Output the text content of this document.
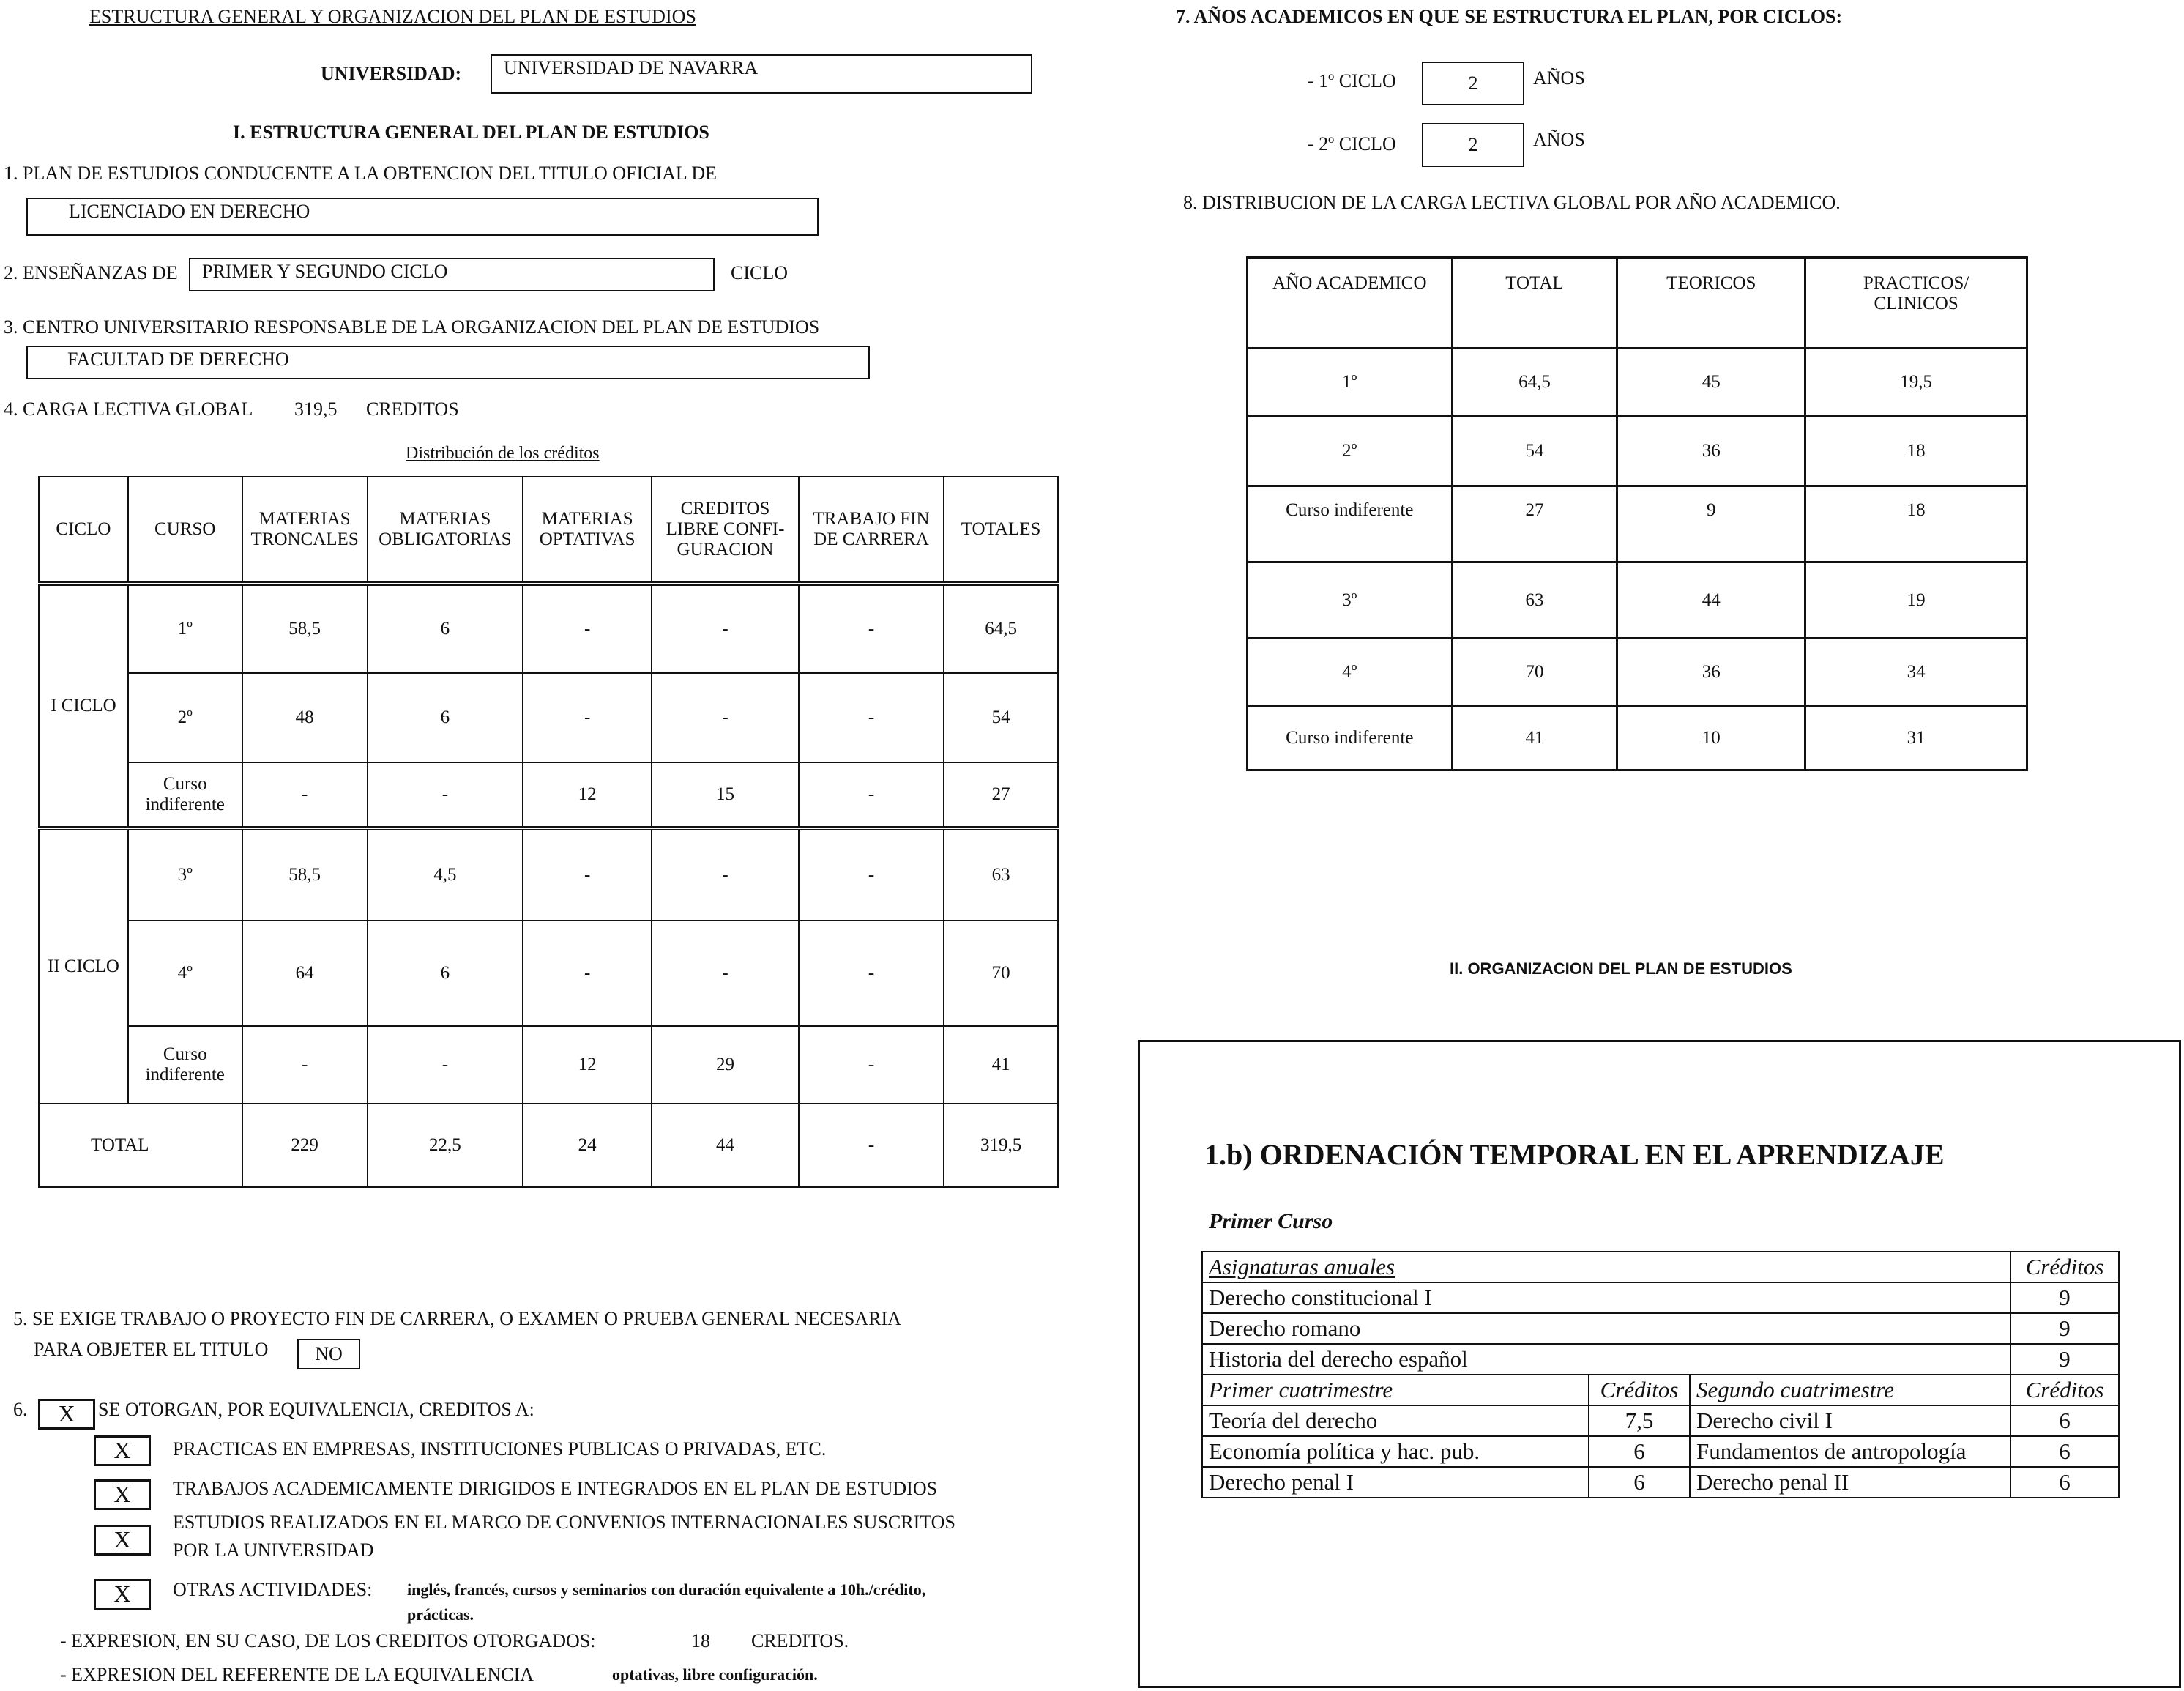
ESTRUCTURA GENERAL Y ORGANIZACION DEL PLAN DE ESTUDIOS
UNIVERSIDAD:	UNIVERSIDAD DE NAVARRA
I. ESTRUCTURA GENERAL DEL PLAN DE ESTUDIOS
1. PLAN DE ESTUDIOS CONDUCENTE A LA OBTENCION DEL TITULO OFICIAL DE
LICENCIADO EN DERECHO
2. ENSEÑANZAS DE	PRIMER Y SEGUNDO CICLO	CICLO
3. CENTRO UNIVERSITARIO RESPONSABLE DE LA ORGANIZACION DEL PLAN DE ESTUDIOS
FACULTAD DE DERECHO
4. CARGA LECTIVA GLOBAL 319,5 CREDITOS
Distribución de los créditos
CICLO	CURSO	MATERIAS TRONCALES	MATERIAS OBLIGATORIAS	MATERIAS OPTATIVAS	CREDITOS LIBRE CONFI- GURACION	TRABAJO FIN DE CARRERA	TOTALES
I CICLO	1º	58,5	6	-	-	-	64,5
	2º	48	6	-	-	-	54
	Curso indiferente	-	-	12	15	-	27
II CICLO	3º	58,5	4,5	-	-	-	63
	4º	64	6	-	-	-	70
	Curso indiferente	-	-	12	29	-	41
TOTAL		229	22,5	24	44	-	319,5
5. SE EXIGE TRABAJO O PROYECTO FIN DE CARRERA, O EXAMEN O PRUEBA GENERAL NECESARIA
PARA OBJETER EL TITULO	NO
6.	X	SE OTORGAN, POR EQUIVALENCIA, CREDITOS A:
X	PRACTICAS EN EMPRESAS, INSTITUCIONES PUBLICAS O PRIVADAS, ETC.
X	TRABAJOS ACADEMICAMENTE DIRIGIDOS E INTEGRADOS EN EL PLAN DE ESTUDIOS
X
ESTUDIOS REALIZADOS EN EL MARCO DE CONVENIOS INTERNACIONALES SUSCRITOS
POR LA UNIVERSIDAD
X	OTRAS ACTIVIDADES: inglés, francés, cursos y seminarios con duración equivalente a 10h./crédito,
prácticas.
- EXPRESION, EN SU CASO, DE LOS CREDITOS OTORGADOS:	18 CREDITOS.
- EXPRESION DEL REFERENTE DE LA EQUIVALENCIA	optativas, libre configuración.
7. AÑOS ACADEMICOS EN QUE SE ESTRUCTURA EL PLAN, POR CICLOS:
- 1º CICLO	2	AÑOS
- 2º CICLO	2	AÑOS
8. DISTRIBUCION DE LA CARGA LECTIVA GLOBAL POR AÑO ACADEMICO.
AÑO ACADEMICO	TOTAL	TEORICOS	PRACTICOS/ CLINICOS
1º	64,5	45	19,5
2º	54	36	18
Curso indiferente	27	9	18
3º	63	44	19
4º	70	36	34
Curso indiferente	41	10	31
II. ORGANIZACION DEL PLAN DE ESTUDIOS
1.b) ORDENACIÓN TEMPORAL EN EL APRENDIZAJE
Primer Curso
Asignaturas anuales			Créditos
Derecho constitucional I			9
Derecho romano			9
Historia del derecho español			9
Primer cuatrimestre	Créditos	Segundo cuatrimestre	Créditos
Teoría del derecho	7,5	Derecho civil I	6
Economía política y hac. pub.	6	Fundamentos de antropología	6
Derecho penal I	6	Derecho penal II	6
